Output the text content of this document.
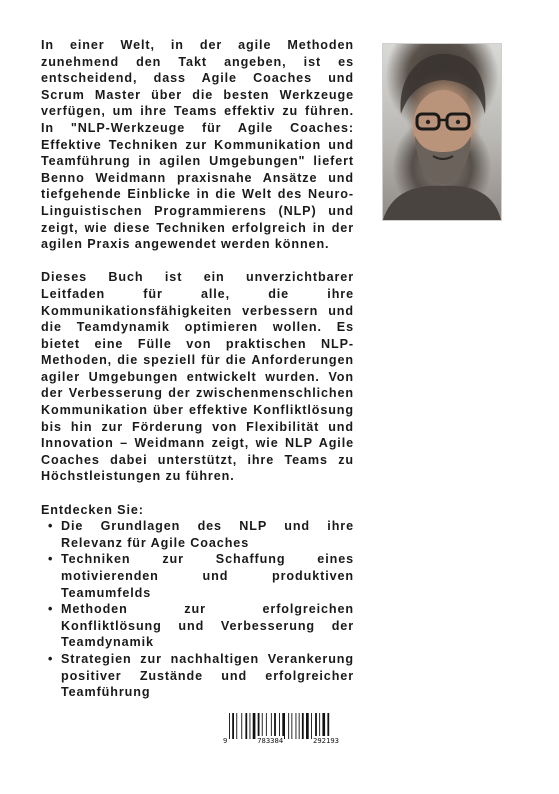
In einer Welt, in der agile Methoden zunehmend den Takt angeben, ist es entscheidend, dass Agile Coaches und Scrum Master über die besten Werkzeuge verfügen, um ihre Teams effektiv zu führen. In "NLP-Werkzeuge für Agile Coaches: Effektive Techniken zur Kommunikation und Teamführung in agilen Umgebungen" liefert Benno Weidmann praxisnahe Ansätze und tiefgehende Einblicke in die Welt des Neuro-Linguistischen Programmierens (NLP) und zeigt, wie diese Techniken erfolgreich in der agilen Praxis angewendet werden können.

Dieses Buch ist ein unverzichtbarer Leitfaden für alle, die ihre Kommunikationsfähigkeiten verbessern und die Teamdynamik optimieren wollen. Es bietet eine Fülle von praktischen NLP-Methoden, die speziell für die Anforderungen agiler Umgebungen entwickelt wurden. Von der Verbesserung der zwischenmenschlichen Kommunikation über effektive Konfliktlösung bis hin zur Förderung von Flexibilität und Innovation – Weidmann zeigt, wie NLP Agile Coaches dabei unterstützt, ihre Teams zu Höchstleistungen zu führen.

Entdecken Sie:

• Die Grundlagen des NLP und ihre Relevanz für Agile Coaches
• Techniken zur Schaffung eines motivierenden und produktiven Teamumfelds
• Methoden zur erfolgreichen Konfliktlösung und Verbesserung der Teamdynamik
• Strategien zur nachhaltigen Verankerung positiver Zustände und erfolgreicher Teamführung
9	783384	292193
